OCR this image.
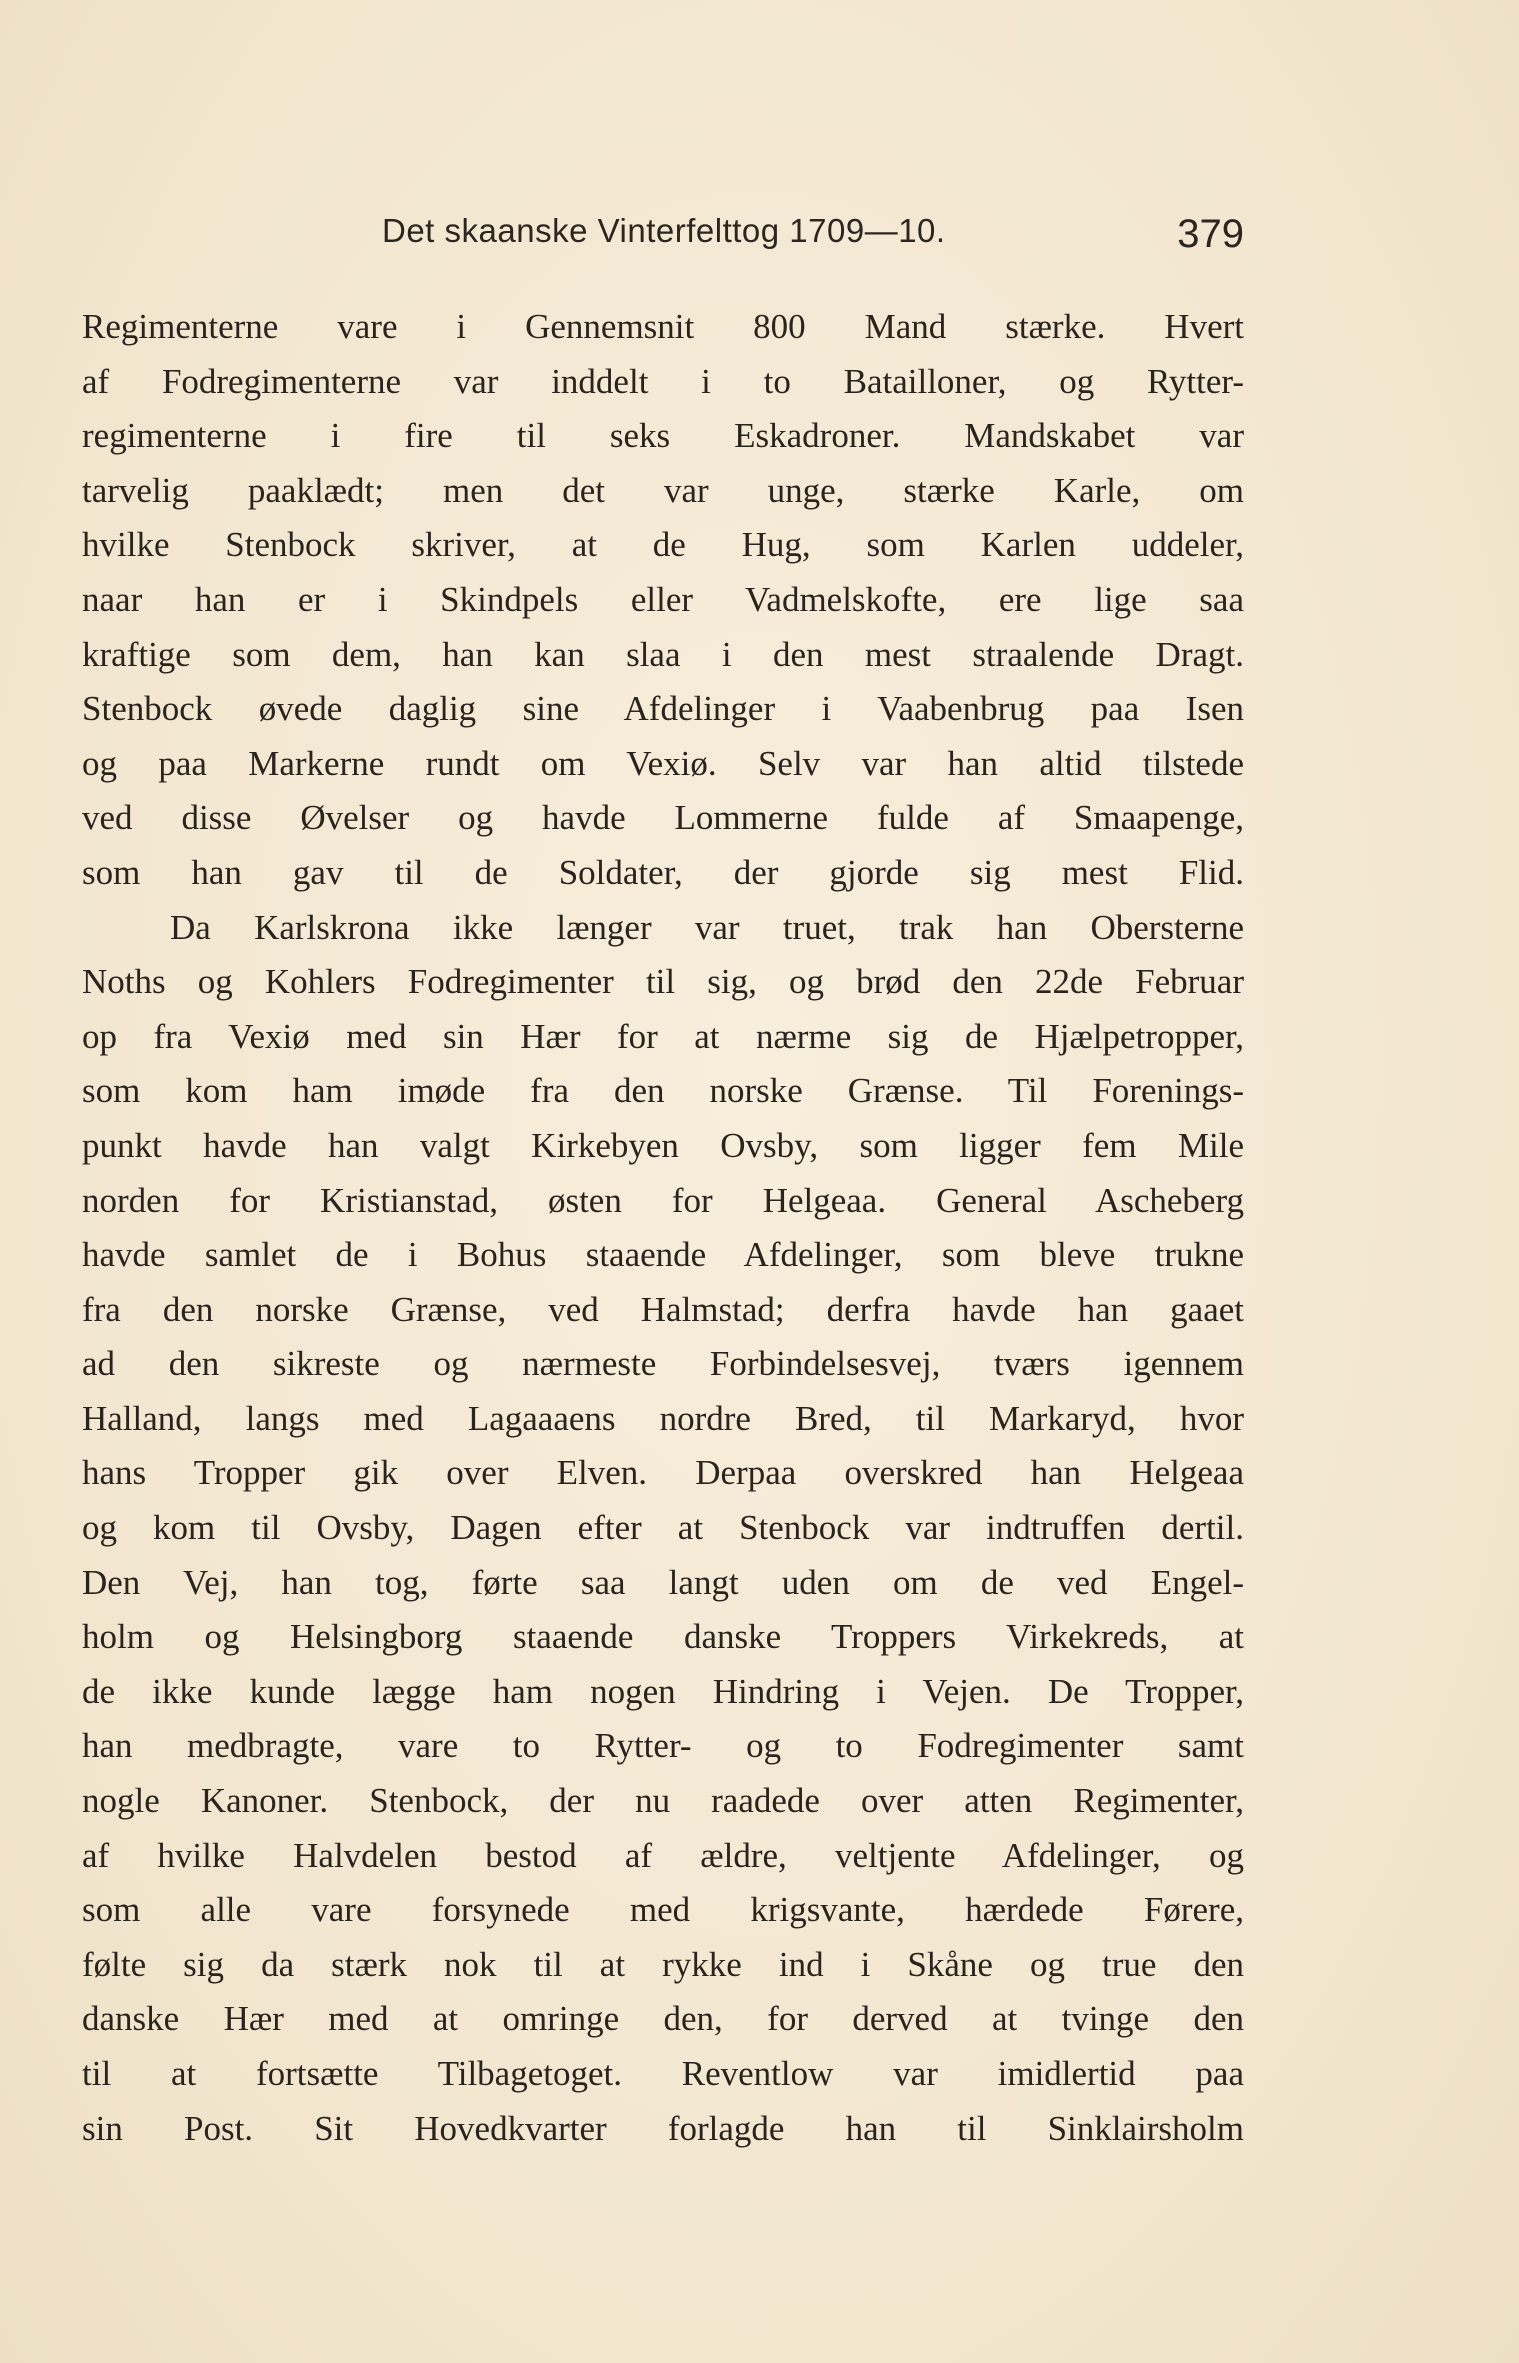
Det skaanske Vinterfelttog 1709—10.	379
Regimenterne vare i Gennemsnit 800 Mand stærke. Hvert
af Fodregimenterne var inddelt i to Batailloner, og Rytter-
regimenterne i fire til seks Eskadroner. Mandskabet var
tarvelig paaklædt; men det var unge, stærke Karle, om
hvilke Stenbock skriver, at de Hug, som Karlen uddeler,
naar han er i Skindpels eller Vadmelskofte, ere lige saa
kraftige som dem, han kan slaa i den mest straalende Dragt.
Stenbock øvede daglig sine Afdelinger i Vaabenbrug paa Isen
og paa Markerne rundt om Vexiø. Selv var han altid tilstede
ved disse Øvelser og havde Lommerne fulde af Smaapenge,
som han gav til de Soldater, der gjorde sig mest Flid.
Da Karlskrona ikke længer var truet, trak han Obersterne
Noths og Kohlers Fodregimenter til sig, og brød den 22de Februar
op fra Vexiø med sin Hær for at nærme sig de Hjælpetropper,
som kom ham imøde fra den norske Grænse. Til Forenings-
punkt havde han valgt Kirkebyen Ovsby, som ligger fem Mile
norden for Kristianstad, østen for Helgeaa. General Ascheberg
havde samlet de i Bohus staaende Afdelinger, som bleve trukne
fra den norske Grænse, ved Halmstad; derfra havde han gaaet
ad den sikreste og nærmeste Forbindelsesvej, tværs igennem
Halland, langs med Lagaaaens nordre Bred, til Markaryd, hvor
hans Tropper gik over Elven. Derpaa overskred han Helgeaa
og kom til Ovsby, Dagen efter at Stenbock var indtruffen dertil.
Den Vej, han tog, førte saa langt uden om de ved Engel-
holm og Helsingborg staaende danske Troppers Virkekreds, at
de ikke kunde lægge ham nogen Hindring i Vejen. De Tropper,
han medbragte, vare to Rytter- og to Fodregimenter samt
nogle Kanoner. Stenbock, der nu raadede over atten Regimenter,
af hvilke Halvdelen bestod af ældre, veltjente Afdelinger, og
som alle vare forsynede med krigsvante, hærdede Førere,
følte sig da stærk nok til at rykke ind i Skåne og true den
danske Hær med at omringe den, for derved at tvinge den
til at fortsætte Tilbagetoget. Reventlow var imidlertid paa
sin Post. Sit Hovedkvarter forlagde han til Sinklairsholm
